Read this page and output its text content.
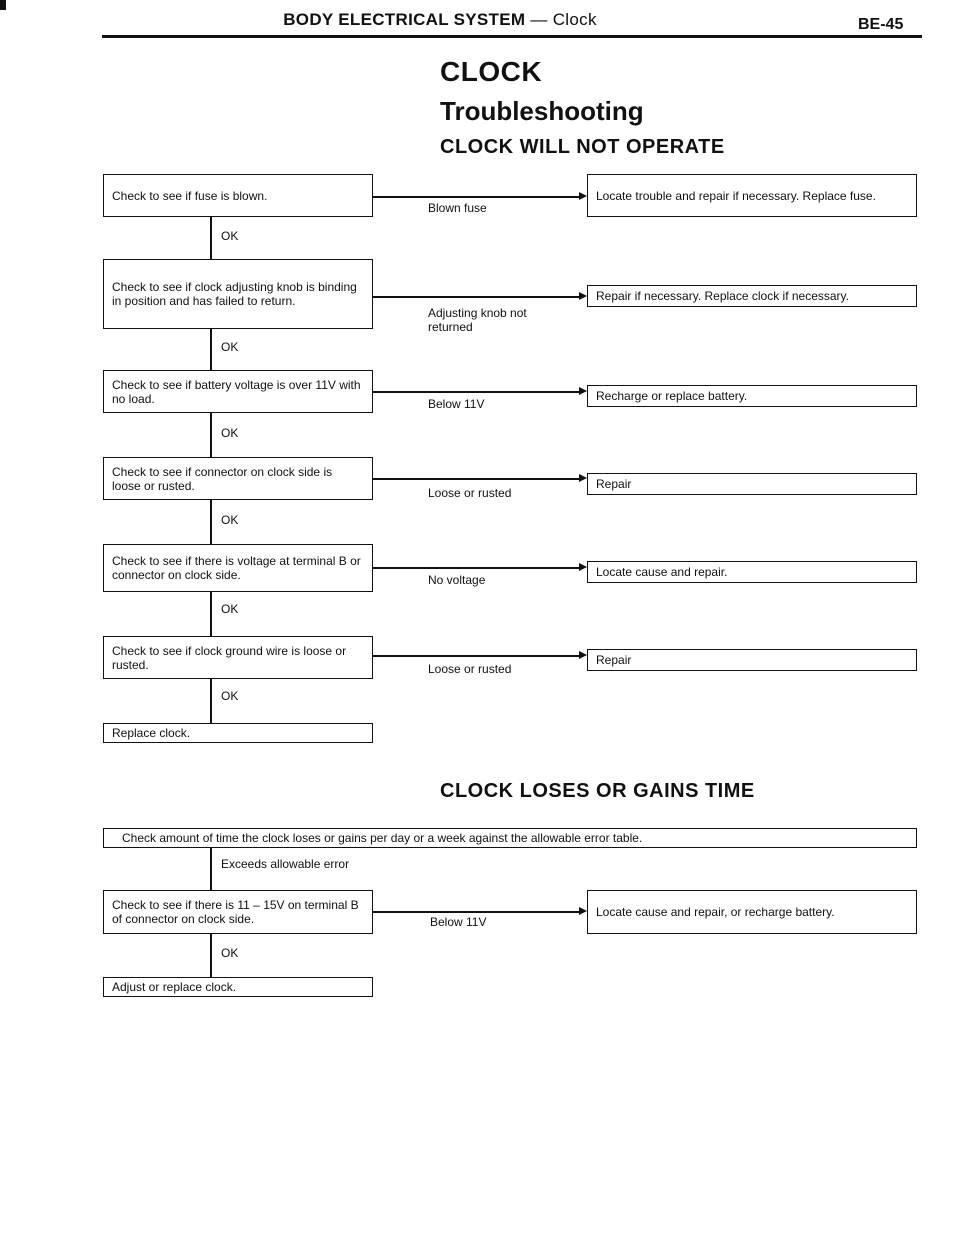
BODY ELECTRICAL SYSTEM — Clock	BE-45
CLOCK
Troubleshooting
CLOCK WILL NOT OPERATE
Check to see if fuse is blown.
Blown fuse
Locate trouble and repair if necessary. Replace fuse.
OK
Check to see if clock adjusting knob is binding in position and has failed to return.
Adjusting knob not returned
Repair if necessary. Replace clock if necessary.
OK
Check to see if battery voltage is over 11V with no load.	Below 11V
Recharge or replace battery.
OK
Check to see if connector on clock side is loose or rusted.
Loose or rusted
Repair
OK
Check to see if there is voltage at terminal B or connector on clock side.	No voltage
Locate cause and repair.
OK
Check to see if clock ground wire is loose or rusted.	Loose or rusted
Repair
OK
Replace clock.
CLOCK LOSES OR GAINS TIME
Check amount of time the clock loses or gains per day or a week against the allowable error table.
Exceeds allowable error
Check to see if there is 11 – 15V on terminal B of connector on clock side.	Below 11V
Locate cause and repair, or recharge battery.
OK
Adjust or replace clock.
